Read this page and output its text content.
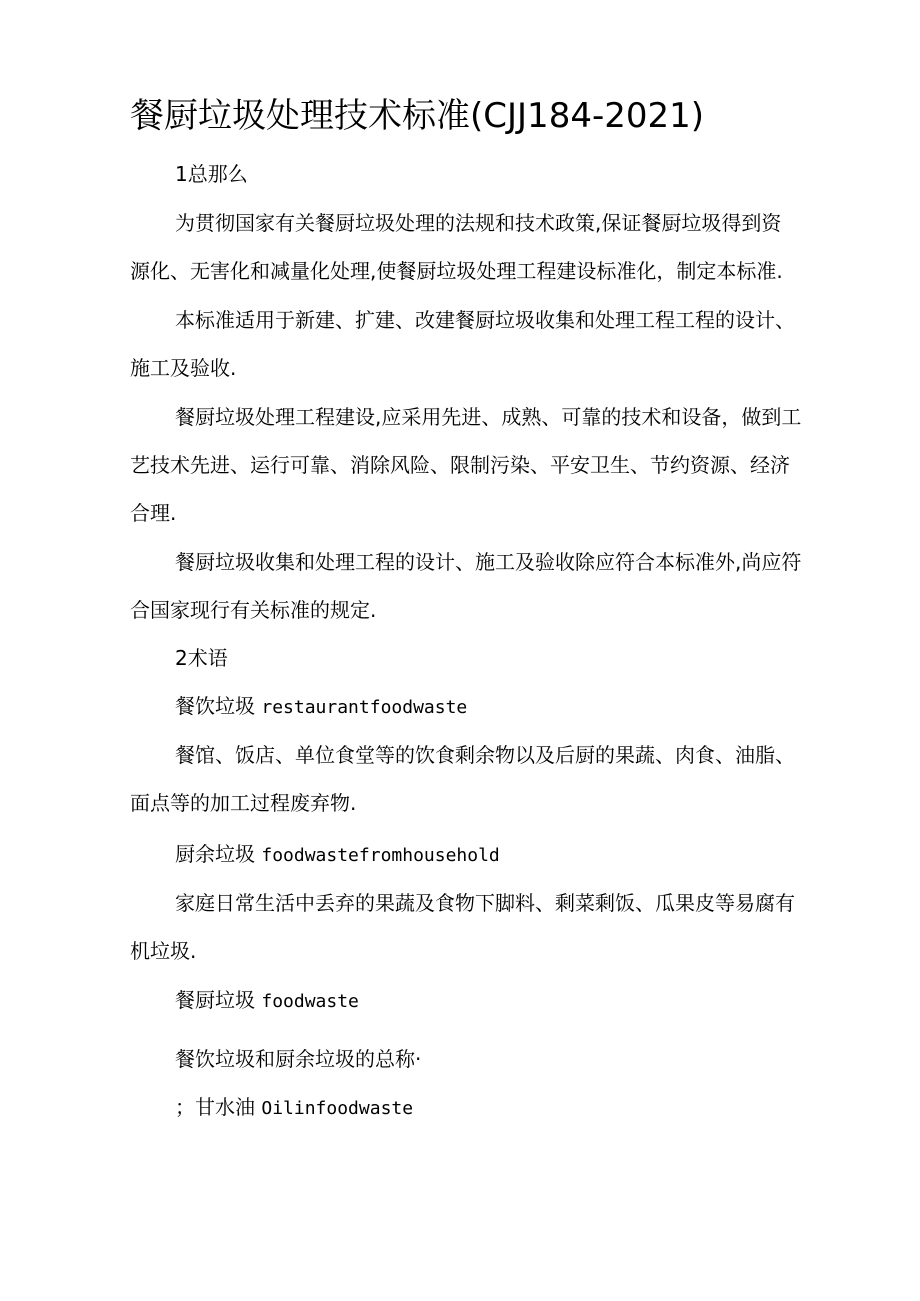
餐厨垃圾处理技术标准(CJJ184-2021)

1总那么

为贯彻国家有关餐厨垃圾处理的法规和技术政策,保证餐厨垃圾得到资

源化、无害化和减量化处理,使餐厨垃圾处理工程建设标准化，制定本标准.

本标准适用于新建、扩建、改建餐厨垃圾收集和处理工程工程的设计、

施工及验收.

餐厨垃圾处理工程建设,应采用先进、成熟、可靠的技术和设备，做到工

艺技术先进、运行可靠、消除风险、限制污染、平安卫生、节约资源、经济

合理.

餐厨垃圾收集和处理工程的设计、施工及验收除应符合本标准外,尚应符

合国家现行有关标准的规定.

2术语

餐饮垃圾 restaurantfoodwaste

餐馆、饭店、单位食堂等的饮食剩余物以及后厨的果蔬、肉食、油脂、

面点等的加工过程废弃物.

厨余垃圾 foodwastefromhousehold

家庭日常生活中丢弃的果蔬及食物下脚料、剩菜剩饭、瓜果皮等易腐有

机垃圾.

餐厨垃圾 foodwaste

餐饮垃圾和厨余垃圾的总称·

；甘水油 Oilinfoodwaste
